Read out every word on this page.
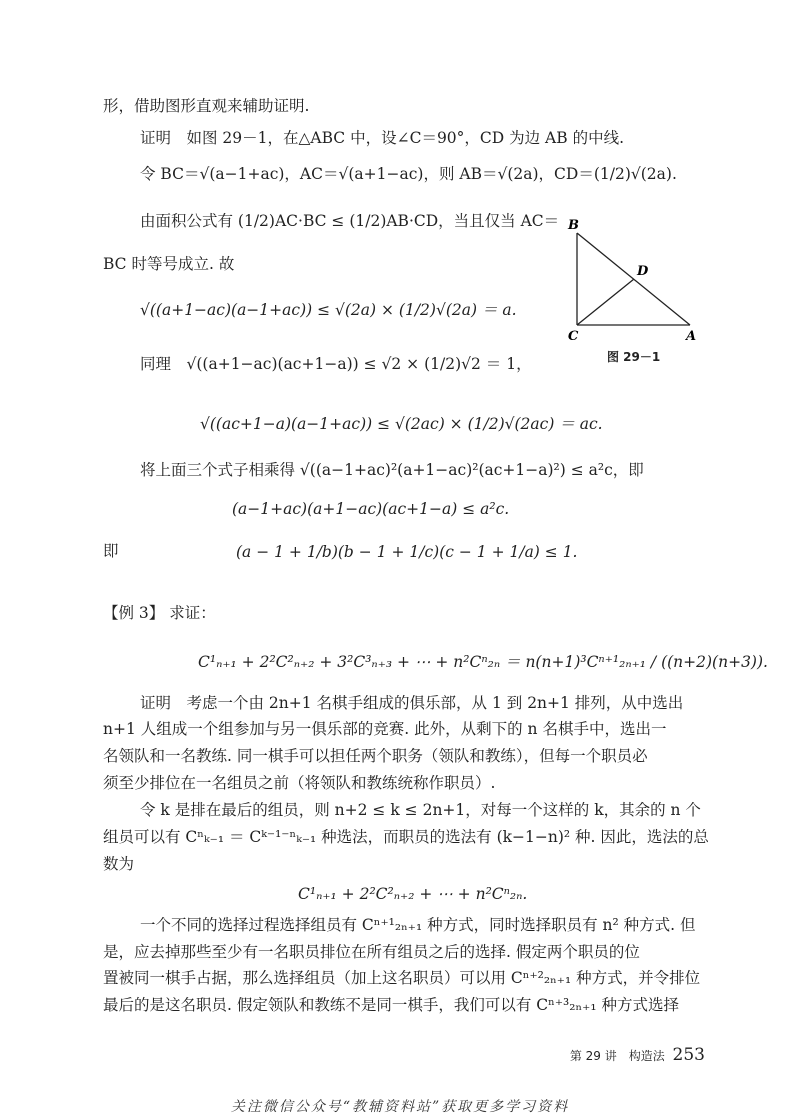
形，借助图形直观来辅助证明.
证明　如图 29－1，在△ABC 中，设∠C＝90°，CD 为边 AB 的中线.
令 BC＝√(a−1+ac)，AC＝√(a+1−ac)，则 AB＝√(2a)，CD＝(1/2)√(2a).
由面积公式有 (1/2)AC·BC ≤ (1/2)AB·CD，当且仅当 AC＝
BC 时等号成立. 故
√((a+1−ac)(a−1+ac)) ≤ √(2a) × (1/2)√(2a) ＝ a.
同理　√((a+1−ac)(ac+1−a)) ≤ √2 × (1/2)√2 ＝ 1，
√((ac+1−a)(a−1+ac)) ≤ √(2ac) × (1/2)√(2ac) ＝ ac.
将上面三个式子相乘得 √((a−1+ac)²(a+1−ac)²(ac+1−a)²) ≤ a²c，即
(a−1+ac)(a+1−ac)(ac+1−a) ≤ a²c.
即	(a − 1 + 1/b)(b − 1 + 1/c)(c − 1 + 1/a) ≤ 1.
【例 3】 求证：
C¹ₙ₊₁ + 2²C²ₙ₊₂ + 3²C³ₙ₊₃ + ⋯ + n²Cⁿ₂ₙ ＝ n(n+1)³Cⁿ⁺¹₂ₙ₊₁ / ((n+2)(n+3)).
证明　考虑一个由 2n+1 名棋手组成的俱乐部，从 1 到 2n+1 排列，从中选出
n+1 人组成一个组参加与另一俱乐部的竞赛. 此外，从剩下的 n 名棋手中，选出一
名领队和一名教练. 同一棋手可以担任两个职务（领队和教练），但每一个职员必
须至少排位在一名组员之前（将领队和教练统称作职员）.
令 k 是排在最后的组员，则 n+2 ≤ k ≤ 2n+1，对每一个这样的 k，其余的 n 个
组员可以有 Cⁿₖ₋₁ ＝ Cᵏ⁻¹⁻ⁿₖ₋₁ 种选法，而职员的选法有 (k−1−n)² 种. 因此，选法的总
数为
C¹ₙ₊₁ + 2²C²ₙ₊₂ + ⋯ + n²Cⁿ₂ₙ.
一个不同的选择过程选择组员有 Cⁿ⁺¹₂ₙ₊₁ 种方式，同时选择职员有 n² 种方式. 但
是，应去掉那些至少有一名职员排位在所有组员之后的选择. 假定两个职员的位
置被同一棋手占据，那么选择组员（加上这名职员）可以用 Cⁿ⁺²₂ₙ₊₁ 种方式，并令排位
最后的是这名职员. 假定领队和教练不是同一棋手，我们可以有 Cⁿ⁺³₂ₙ₊₁ 种方式选择
B
D
C	A
图 29－1
第 29 讲　构造法 253
关注微信公众号“教辅资料站”获取更多学习资料
